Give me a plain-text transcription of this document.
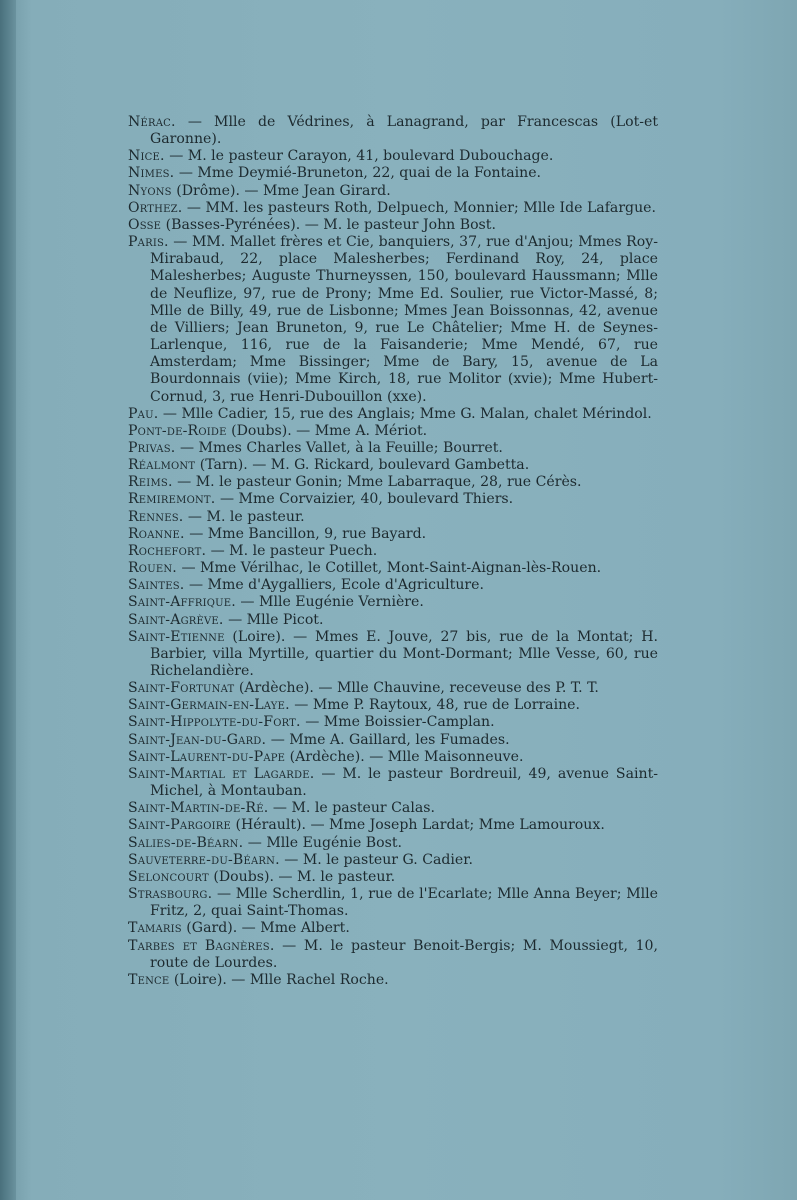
Nérac. — Mlle de Védrines, à Lanagrand, par Francescas (Lot-et Garonne).

Nice. — M. le pasteur Carayon, 41, boulevard Dubouchage.

Nimes. — Mme Deymié-Bruneton, 22, quai de la Fontaine.

Nyons (Drôme). — Mme Jean Girard.

Orthez. — MM. les pasteurs Roth, Delpuech, Monnier; Mlle Ide Lafargue.

Osse (Basses-Pyrénées). — M. le pasteur John Bost.

Paris. — MM. Mallet frères et Cie, banquiers, 37, rue d'Anjou; Mmes Roy-Mirabaud, 22, place Malesherbes; Ferdinand Roy, 24, place Malesherbes; Auguste Thurneyssen, 150, boulevard Haussmann; Mlle de Neuflize, 97, rue de Prony; Mme Ed. Soulier, rue Victor-Massé, 8; Mlle de Billy, 49, rue de Lisbonne; Mmes Jean Boissonnas, 42, avenue de Villiers; Jean Bruneton, 9, rue Le Châtelier; Mme H. de Seynes-Larlenque, 116, rue de la Faisanderie; Mme Mendé, 67, rue Amsterdam; Mme Bissinger; Mme de Bary, 15, avenue de La Bourdonnais (viie); Mme Kirch, 18, rue Molitor (xvie); Mme Hubert-Cornud, 3, rue Henri-Dubouillon (xxe).

Pau. — Mlle Cadier, 15, rue des Anglais; Mme G. Malan, chalet Mérindol.

Pont-de-Roide (Doubs). — Mme A. Mériot.

Privas. — Mmes Charles Vallet, à la Feuille; Bourret.

Réalmont (Tarn). — M. G. Rickard, boulevard Gambetta.

Reims. — M. le pasteur Gonin; Mme Labarraque, 28, rue Cérès.

Remiremont. — Mme Corvaizier, 40, boulevard Thiers.

Rennes. — M. le pasteur.

Roanne. — Mme Bancillon, 9, rue Bayard.

Rochefort. — M. le pasteur Puech.

Rouen. — Mme Vérilhac, le Cotillet, Mont-Saint-Aignan-lès-Rouen.

Saintes. — Mme d'Aygalliers, Ecole d'Agriculture.

Saint-Affrique. — Mlle Eugénie Vernière.

Saint-Agrève. — Mlle Picot.

Saint-Etienne (Loire). — Mmes E. Jouve, 27 bis, rue de la Montat; H. Barbier, villa Myrtille, quartier du Mont-Dormant; Mlle Vesse, 60, rue Richelandière.

Saint-Fortunat (Ardèche). — Mlle Chauvine, receveuse des P. T. T.

Saint-Germain-en-Laye. — Mme P. Raytoux, 48, rue de Lorraine.

Saint-Hippolyte-du-Fort. — Mme Boissier-Camplan.

Saint-Jean-du-Gard. — Mme A. Gaillard, les Fumades.

Saint-Laurent-du-Pape (Ardèche). — Mlle Maisonneuve.

Saint-Martial et Lagarde. — M. le pasteur Bordreuil, 49, avenue Saint-Michel, à Montauban.

Saint-Martin-de-Ré. — M. le pasteur Calas.

Saint-Pargoire (Hérault). — Mme Joseph Lardat; Mme Lamouroux.

Salies-de-Béarn. — Mlle Eugénie Bost.

Sauveterre-du-Béarn. — M. le pasteur G. Cadier.

Seloncourt (Doubs). — M. le pasteur.

Strasbourg. — Mlle Scherdlin, 1, rue de l'Ecarlate; Mlle Anna Beyer; Mlle Fritz, 2, quai Saint-Thomas.

Tamaris (Gard). — Mme Albert.

Tarbes et Bagnères. — M. le pasteur Benoit-Bergis; M. Moussiegt, 10, route de Lourdes.

Tence (Loire). — Mlle Rachel Roche.
